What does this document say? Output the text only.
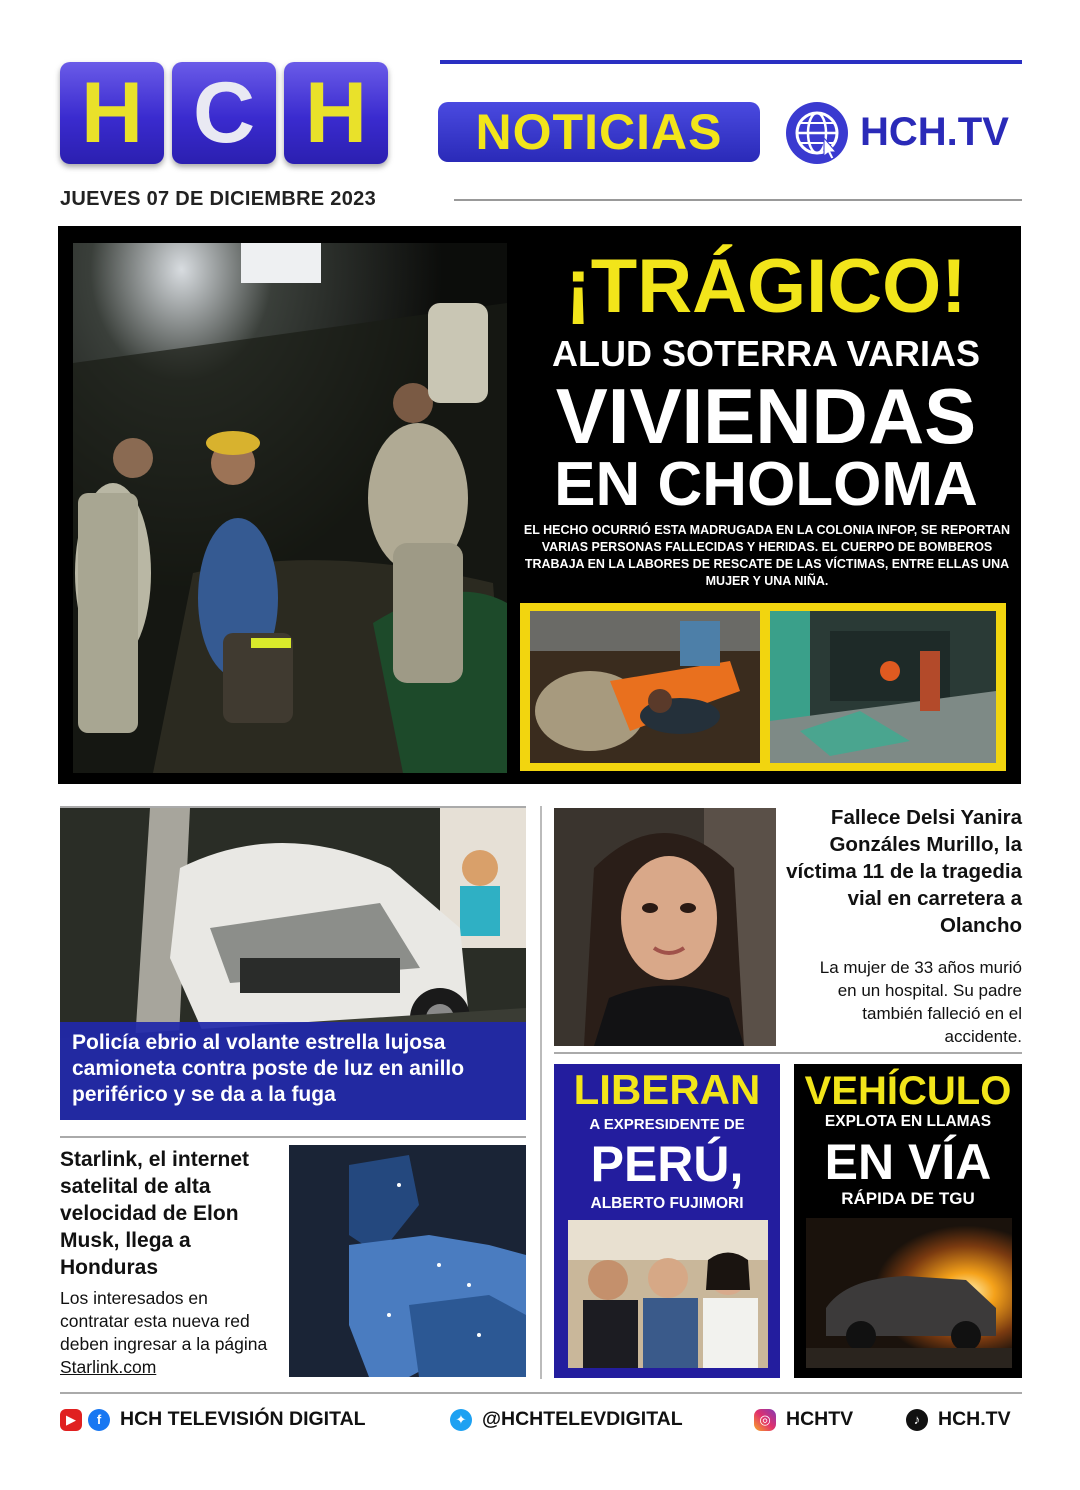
H C H	NOTICIAS	HCH.TV
JUEVES 07 DE DICIEMBRE 2023
¡TRÁGICO!
ALUD SOTERRA VARIAS
VIVIENDAS
EN CHOLOMA
EL HECHO OCURRIÓ ESTA MADRUGADA EN LA COLONIA INFOP, SE REPORTAN VARIAS PERSONAS FALLECIDAS Y HERIDAS. EL CUERPO DE BOMBEROS TRABAJA EN LA LABORES DE RESCATE DE LAS VÍCTIMAS, ENTRE ELLAS UNA MUJER Y UNA NIÑA.
Policía ebrio al volante estrella lujosa camioneta contra poste de luz en anillo periférico y se da a la fuga
Fallece Delsi Yanira Gonzáles Murillo, la víctima 11 de la tragedia vial en carretera a Olancho
La mujer de 33 años murió en un hospital. Su padre también falleció en el accidente.
Starlink, el internet satelital de alta velocidad de Elon Musk, llega a Honduras
Los interesados en contratar esta nueva red deben ingresar a la página Starlink.com
LIBERAN
A EXPRESIDENTE DE
PERÚ,
ALBERTO FUJIMORI
VEHÍCULO
EXPLOTA EN LLAMAS
EN VÍA
RÁPIDA DE TGU
▶	f HCH TELEVISIÓN DIGITAL	✦ @HCHTELEVDIGITAL	◎ HCHTV	♪ HCH.TV
